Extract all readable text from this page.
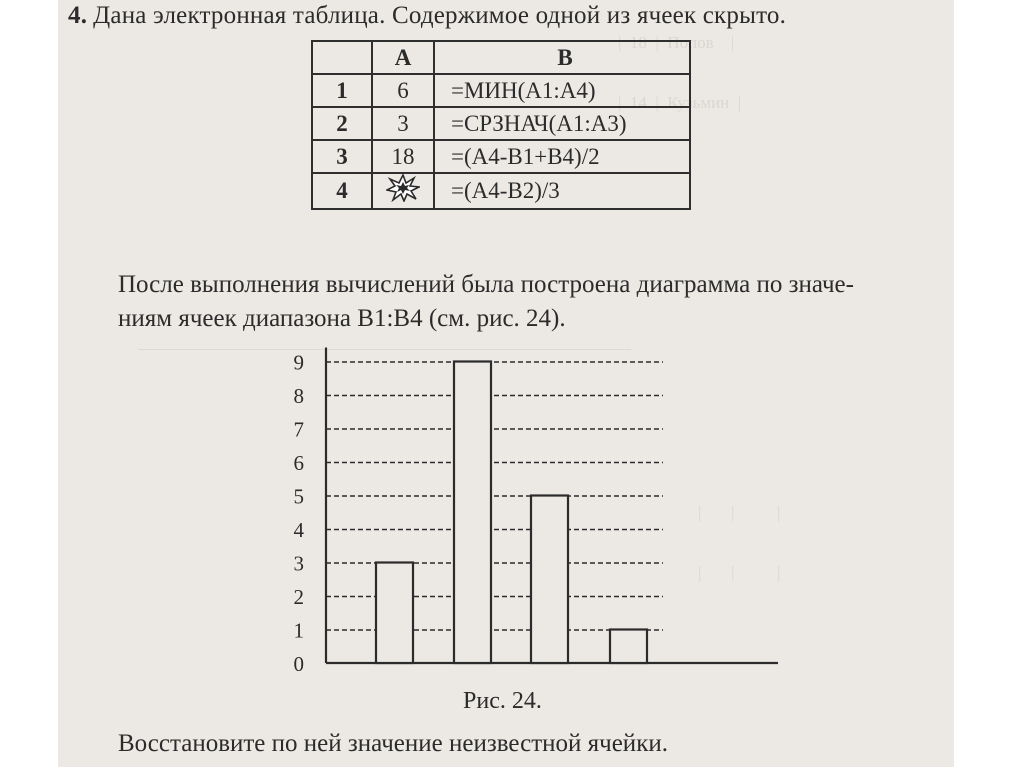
|  18  |  Попов    |
|  14  |  Кузьмин  |
__________________________________________________________
|       |          |
|       |          |
4. Дана электронная таблица. Содержимое одной из ячеек скрыто.
	A	B
1	6	=МИН(A1:A4)
2	3	=СРЗНАЧ(A1:A3)
3	18	=(A4-B1+B4)/2
4		=(A4-B2)/3
После выполнения вычислений была построена диаграмма по значе-
ниям ячеек диапазона B1:B4 (см. рис. 24).
0
1
2
3
4
5
6
7
8
9
Рис. 24.
Восстановите по ней значение неизвестной ячейки.
